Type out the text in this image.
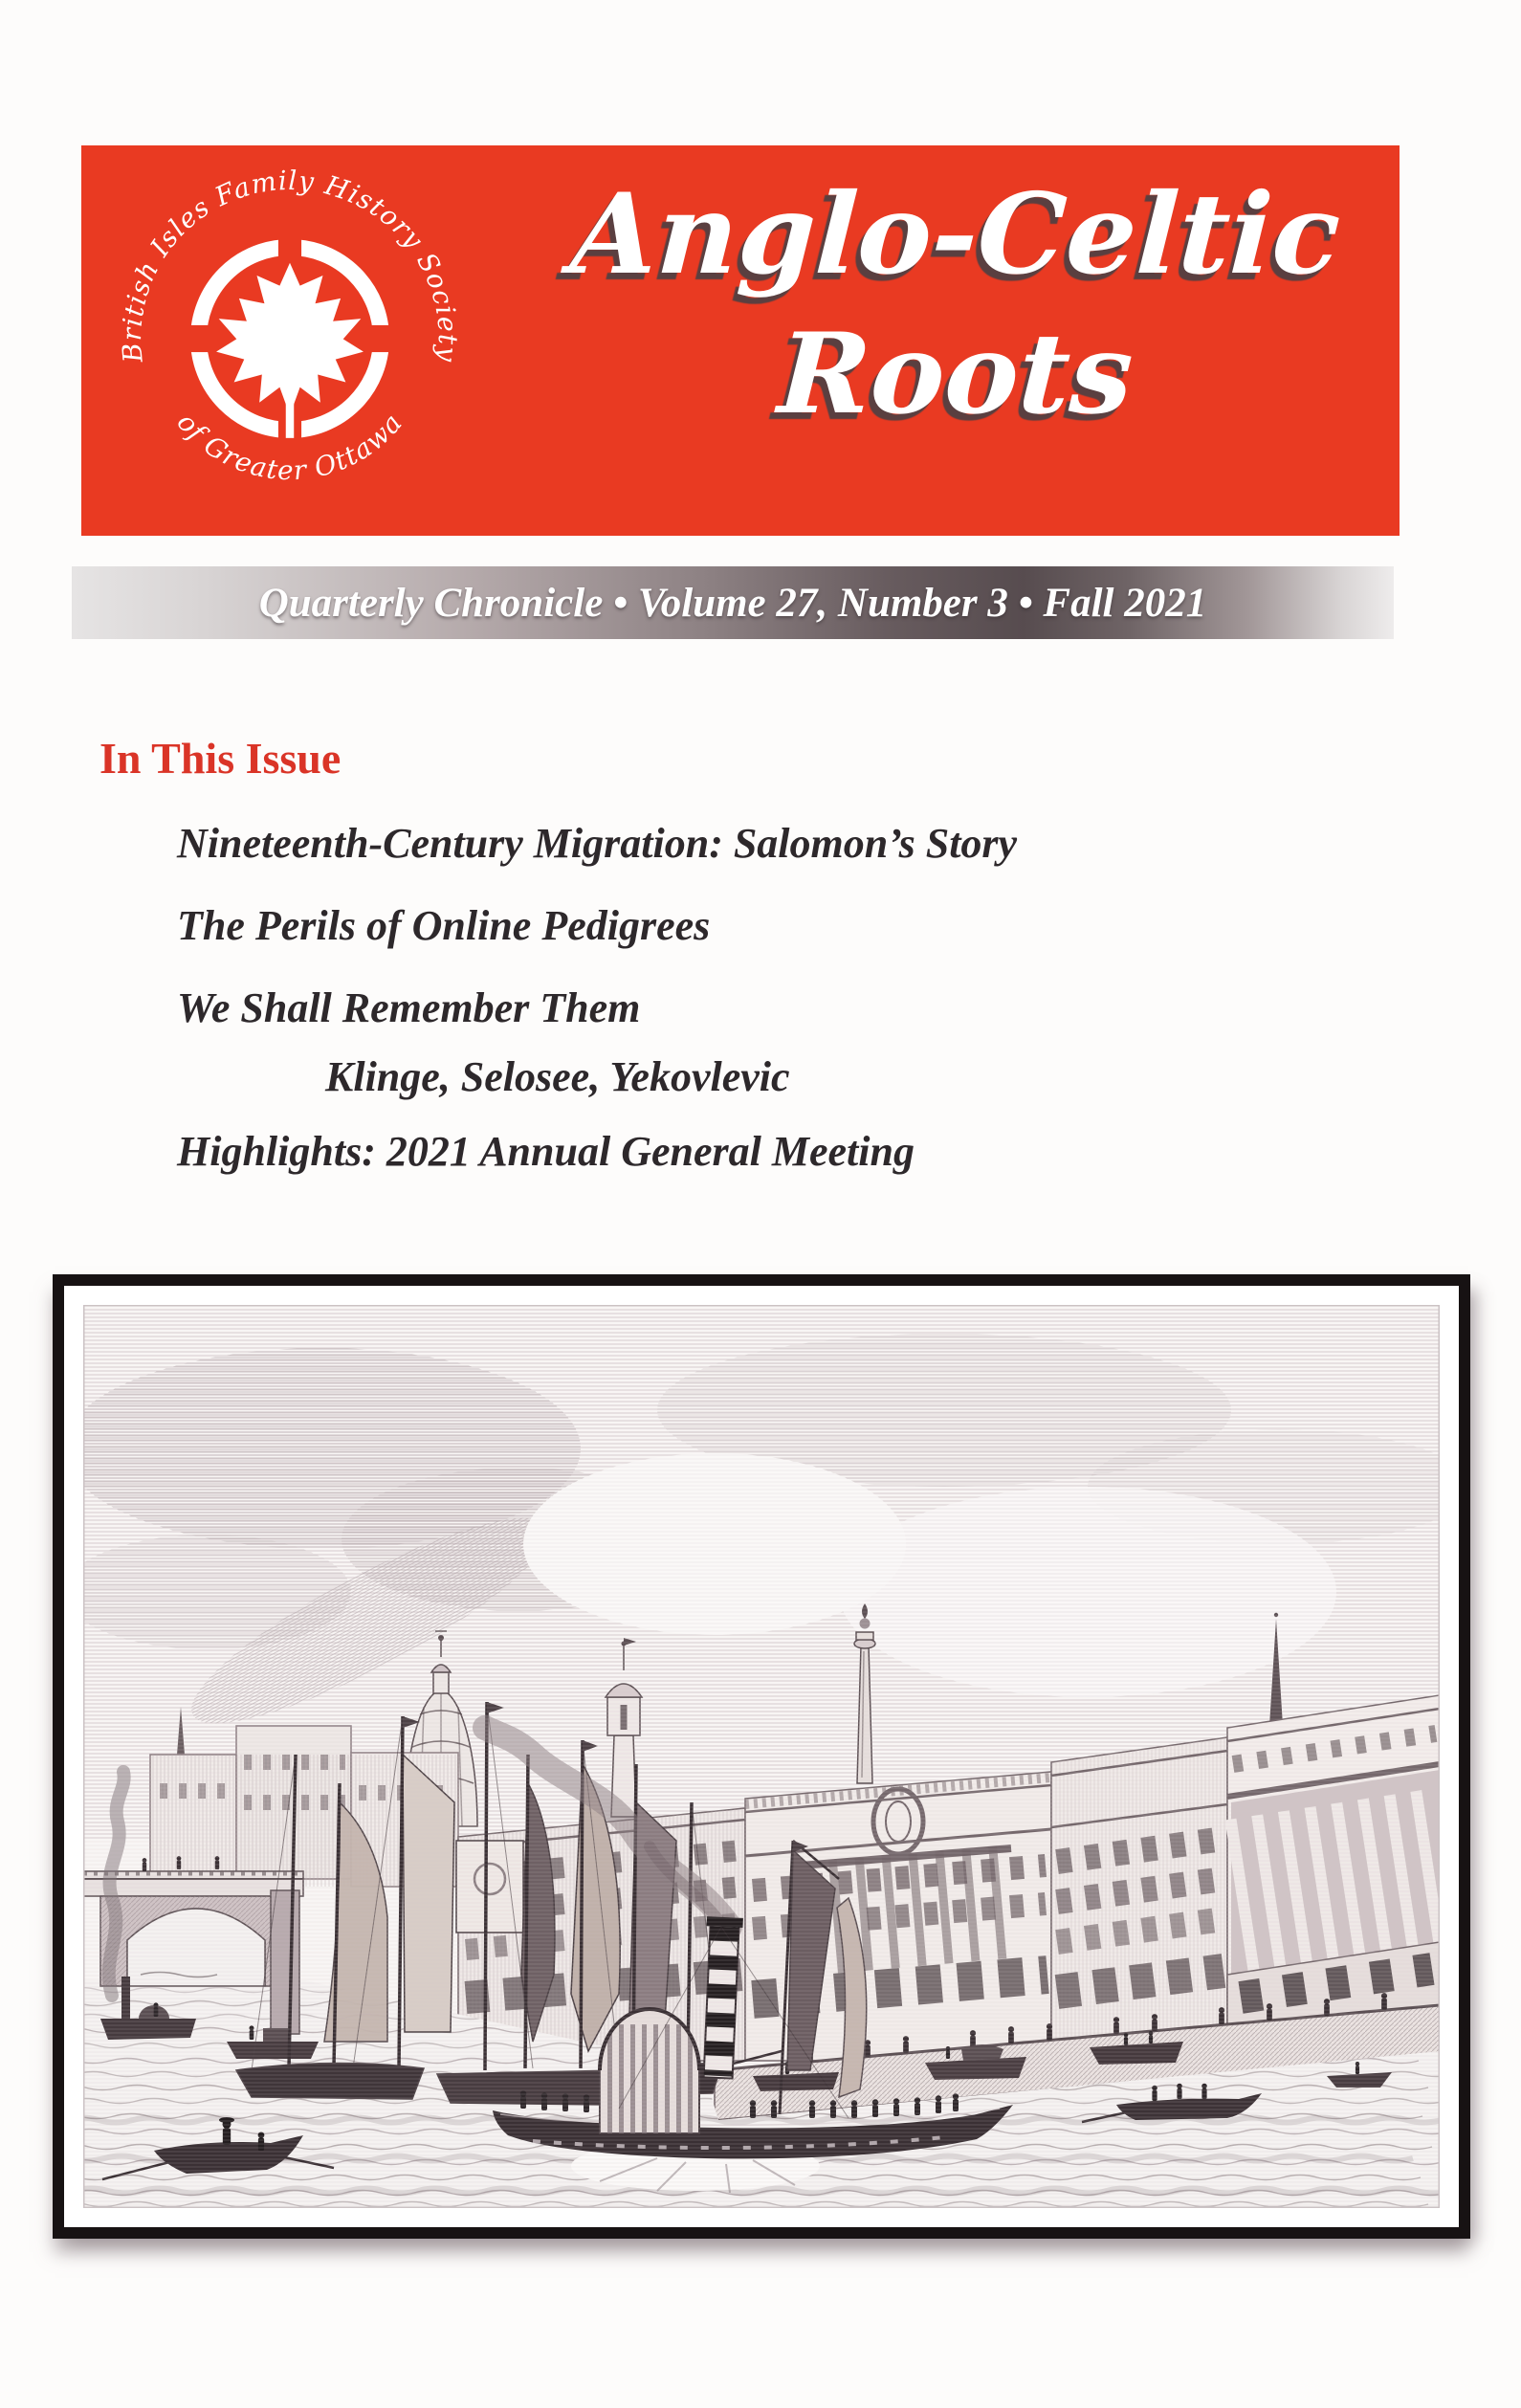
British Isles Family History Society
of Greater Ottawa
Anglo-Celtic
Roots
Quarterly Chronicle • Volume 27, Number 3 • Fall 2021
In This Issue
Nineteenth-Century Migration: Salomon’s Story
The Perils of Online Pedigrees
We Shall Remember Them
Klinge, Selosee, Yekovlevic
Highlights: 2021 Annual General Meeting
